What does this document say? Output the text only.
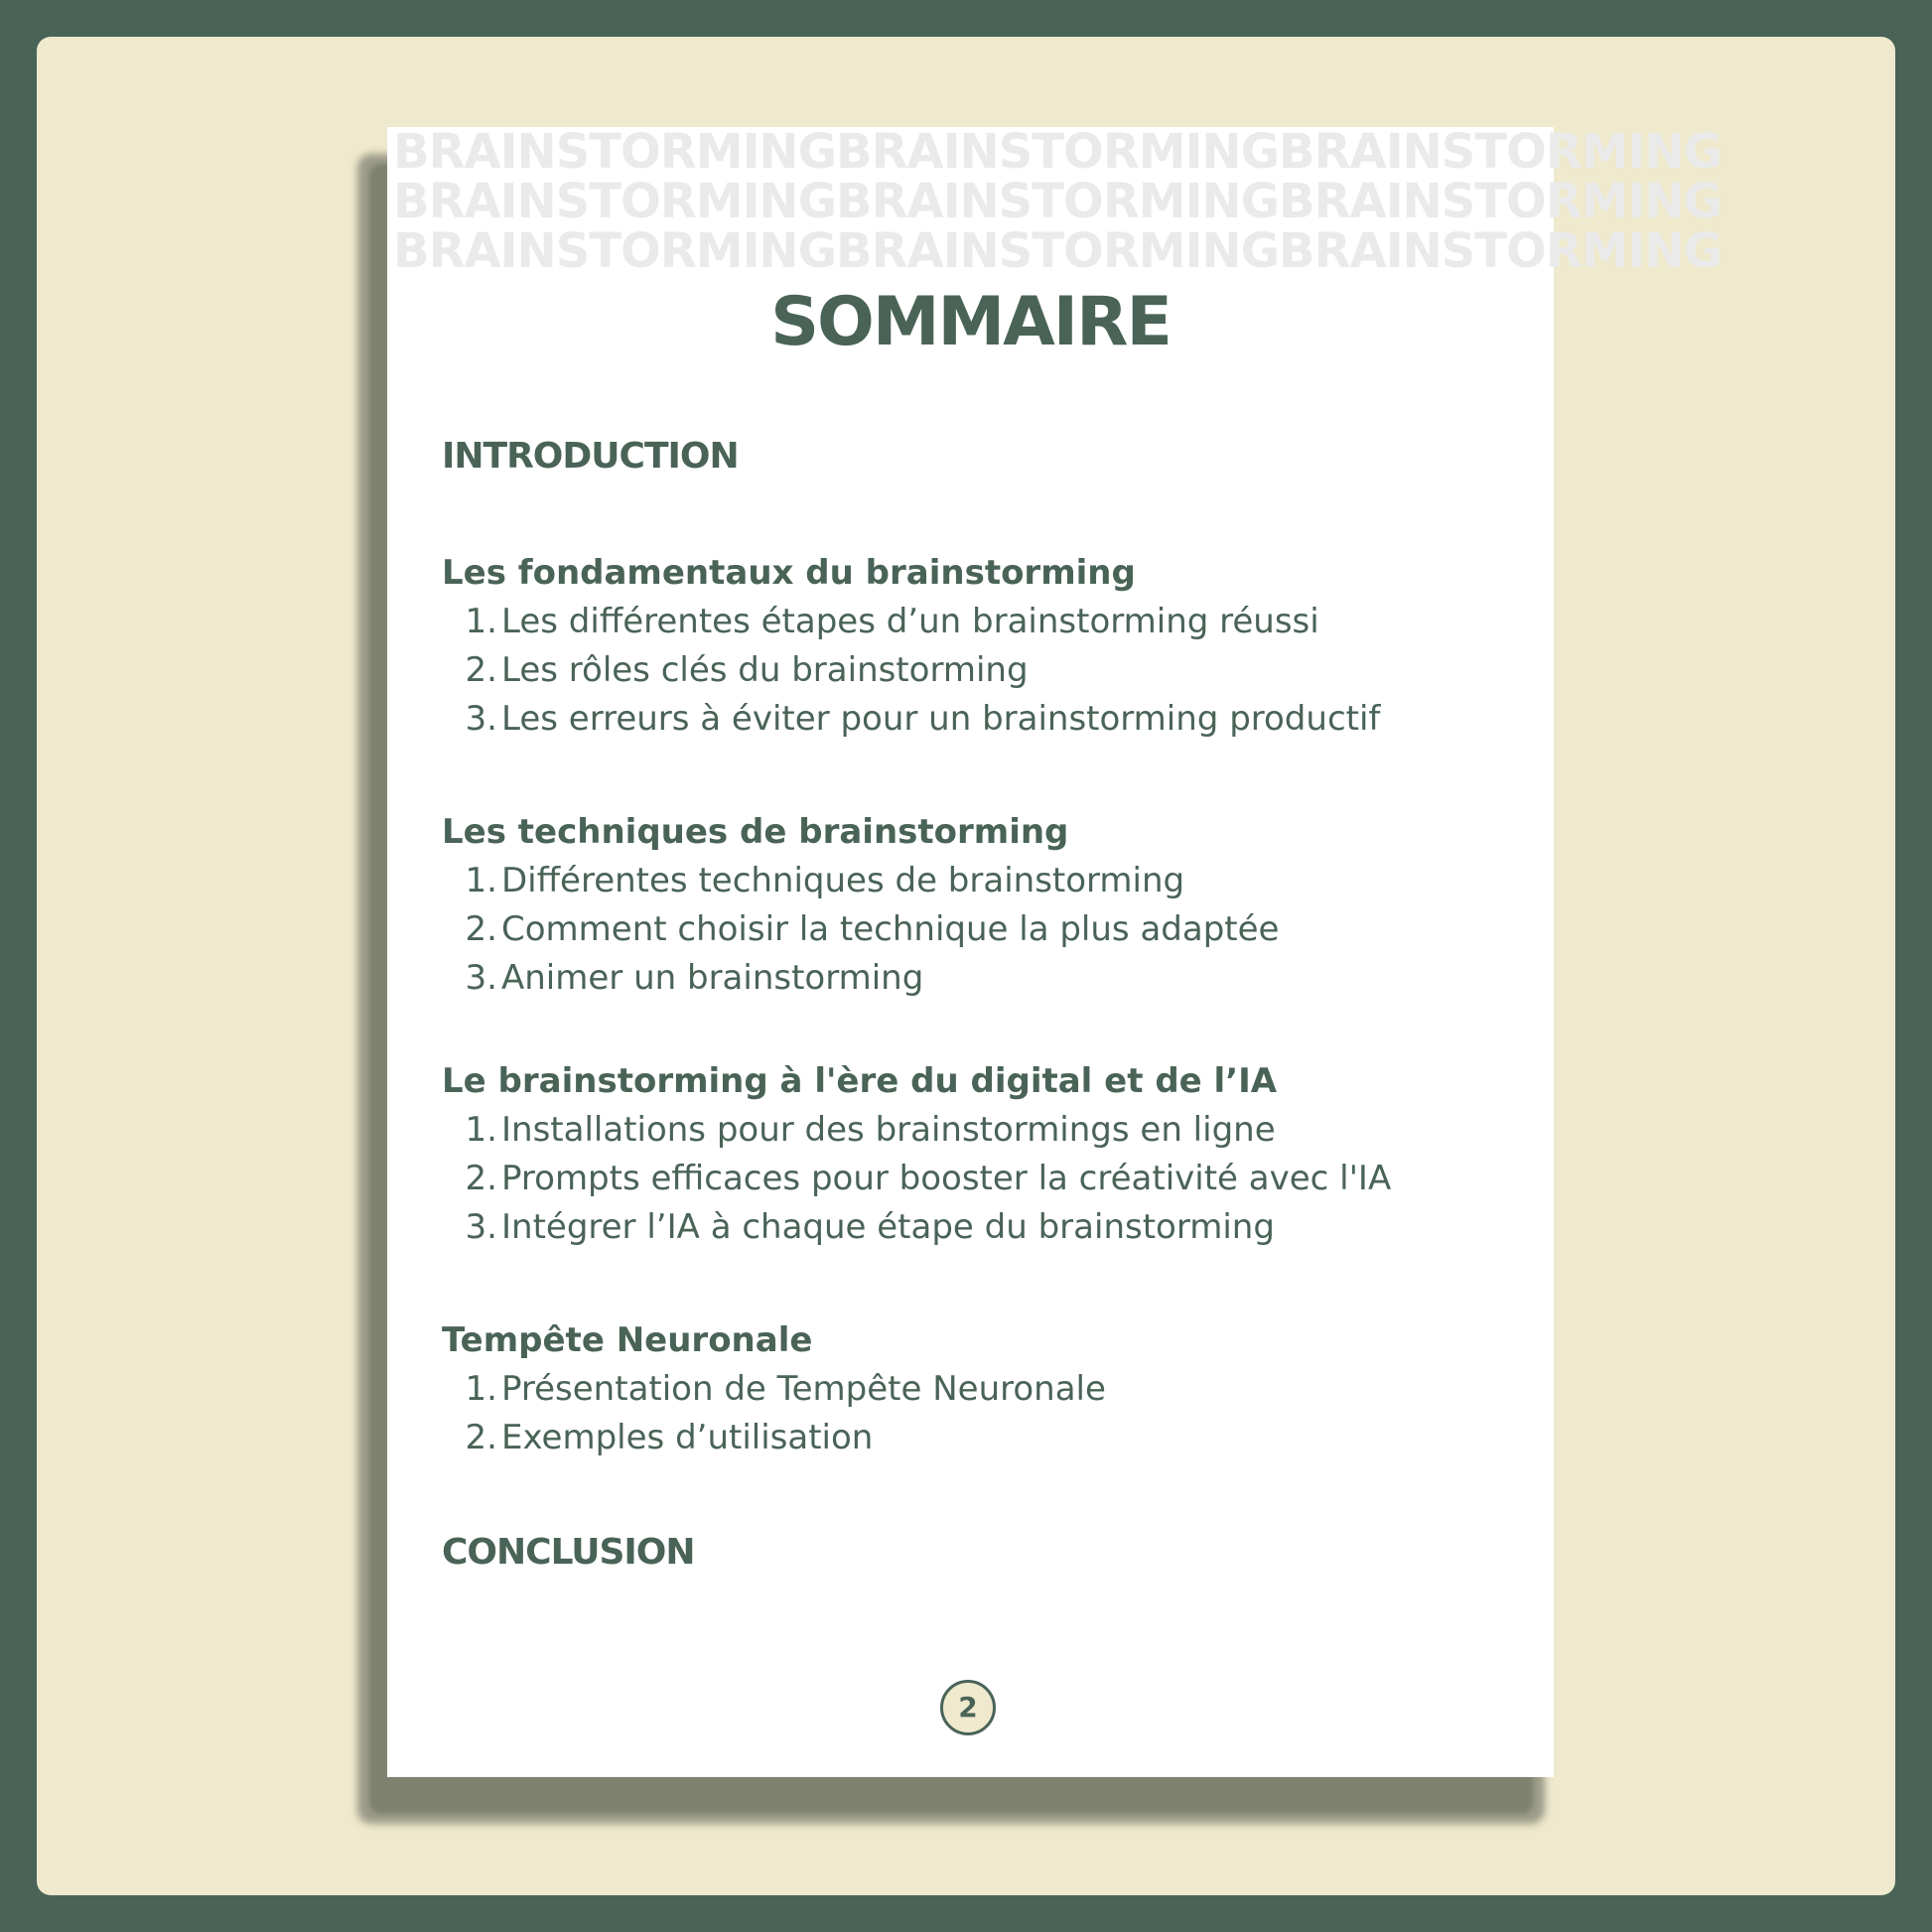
BRAINSTORMINGBRAINSTORMINGBRAINSTORMING
BRAINSTORMINGBRAINSTORMINGBRAINSTORMING
BRAINSTORMINGBRAINSTORMINGBRAINSTORMING
SOMMAIRE
INTRODUCTION
Les fondamentaux du brainstorming
1. Les différentes étapes d’un brainstorming réussi
2. Les rôles clés du brainstorming
3. Les erreurs à éviter pour un brainstorming productif
Les techniques de brainstorming
1. Différentes techniques de brainstorming
2. Comment choisir la technique la plus adaptée
3. Animer un brainstorming
Le brainstorming à l'ère du digital et de l’IA
1. Installations pour des brainstormings en ligne
2. Prompts efficaces pour booster la créativité avec l'IA
3. Intégrer l’IA à chaque étape du brainstorming
Tempête Neuronale
1. Présentation de Tempête Neuronale
2. Exemples d’utilisation
CONCLUSION
2
